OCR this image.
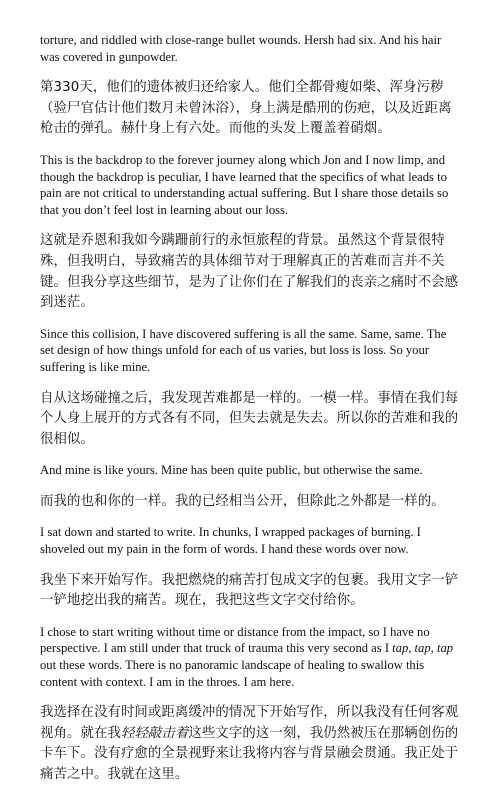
torture, and riddled with close-range bullet wounds. Hersh had six. And his hair was covered in gunpowder.

第330天，他们的遗体被归还给家人。他们全都骨瘦如柴、浑身污秽（验尸官估计他们数月未曾沐浴），身上满是酷刑的伤疤，以及近距离枪击的弹孔。赫什身上有六处。而他的头发上覆盖着硝烟。

This is the backdrop to the forever journey along which Jon and I now limp, and though the backdrop is peculiar, I have learned that the specifics of what leads to pain are not critical to understanding actual suffering. But I share those details so that you don’t feel lost in learning about our loss.

这就是乔恩和我如今蹒跚前行的永恒旅程的背景。虽然这个背景很特殊，但我明白，导致痛苦的具体细节对于理解真正的苦难而言并不关键。但我分享这些细节，是为了让你们在了解我们的丧亲之痛时不会感到迷茫。

Since this collision, I have discovered suffering is all the same. Same, same. The set design of how things unfold for each of us varies, but loss is loss. So your suffering is like mine.

自从这场碰撞之后，我发现苦难都是一样的。一模一样。事情在我们每个人身上展开的方式各有不同，但失去就是失去。所以你的苦难和我的很相似。

And mine is like yours. Mine has been quite public, but otherwise the same.

而我的也和你的一样。我的已经相当公开，但除此之外都是一样的。

I sat down and started to write. In chunks, I wrapped packages of burning. I shoveled out my pain in the form of words. I hand these words over now.

我坐下来开始写作。我把燃烧的痛苦打包成文字的包裹。我用文字一铲一铲地挖出我的痛苦。现在，我把这些文字交付给你。

I chose to start writing without time or distance from the impact, so I have no perspective. I am still under that truck of trauma this very second as I tap, tap, tap out these words. There is no panoramic landscape of healing to swallow this content with context. I am in the throes. I am here.

我选择在没有时间或距离缓冲的情况下开始写作，所以我没有任何客观视角。就在我轻轻敲击着这些文字的这一刻，我仍然被压在那辆创伤的卡车下。没有疗愈的全景视野来让我将内容与背景融会贯通。我正处于痛苦之中。我就在这里。
